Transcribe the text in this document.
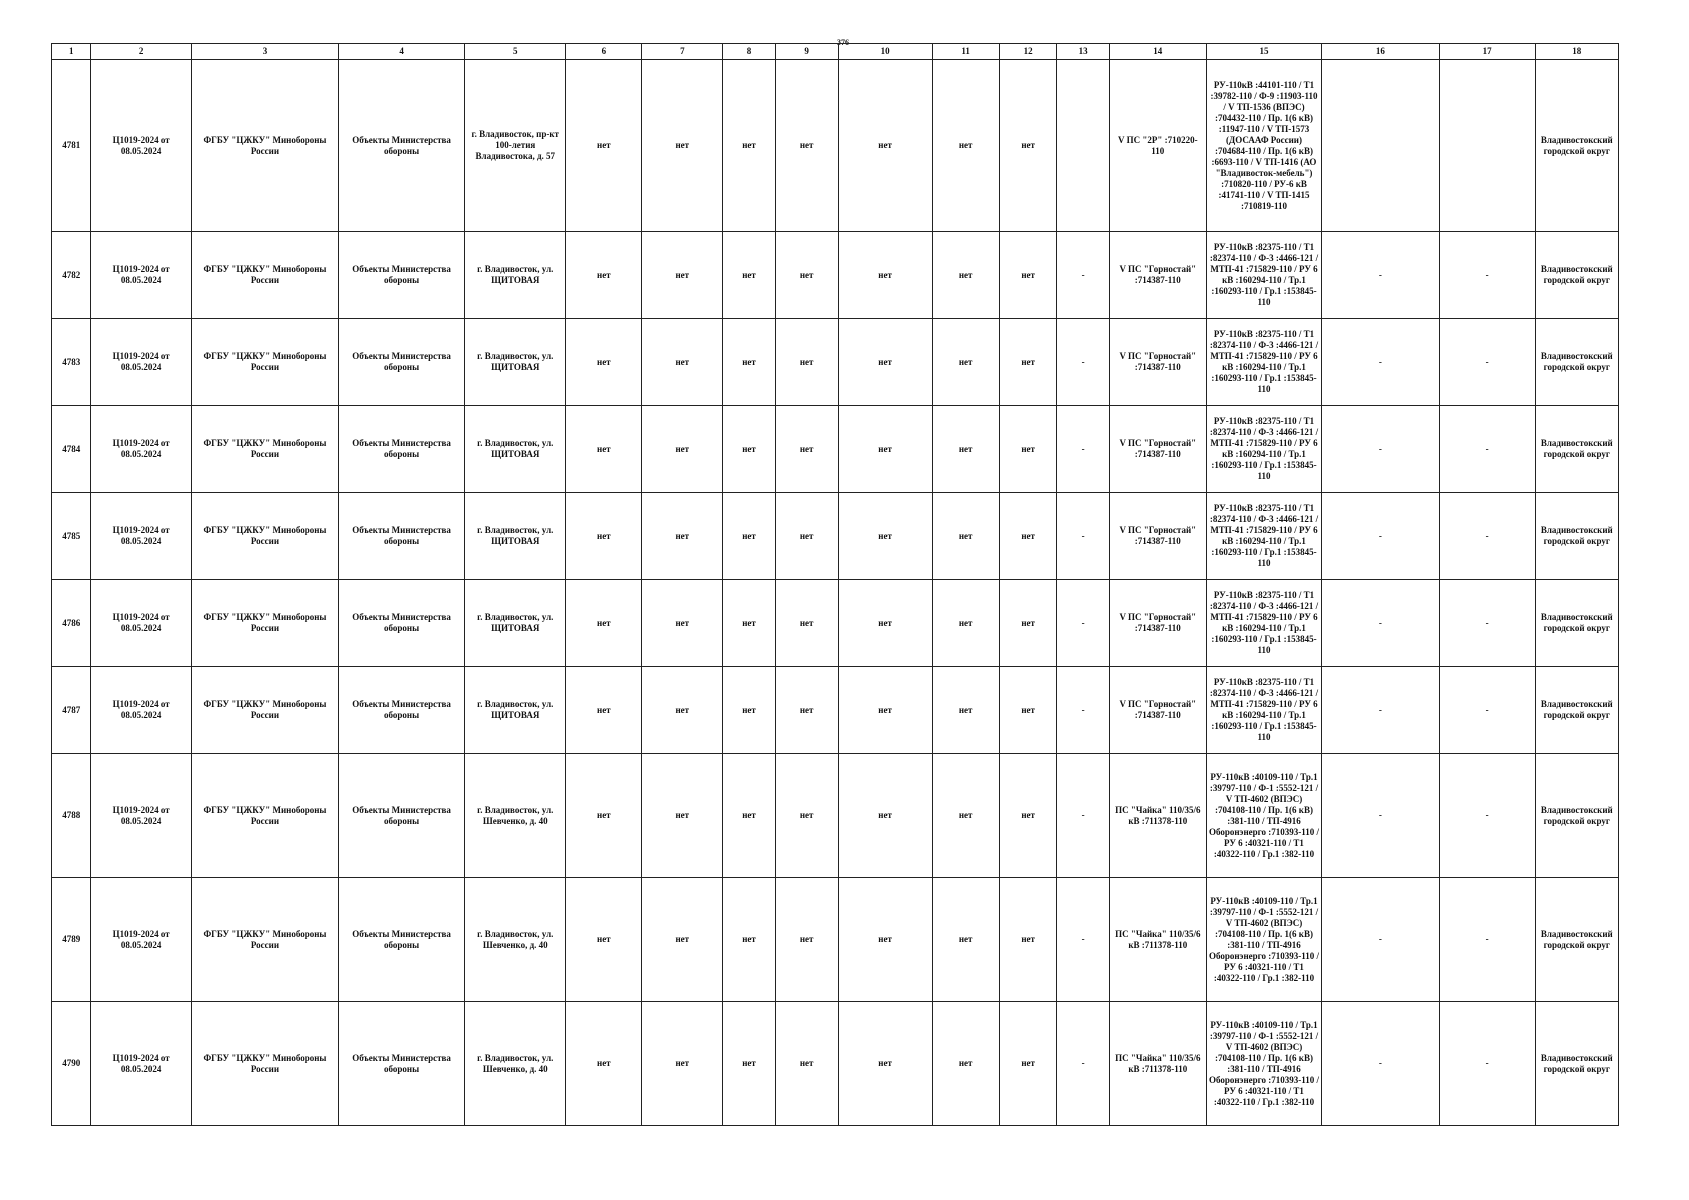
376
1	2	3	4	5	6	7	8	9	10	11	12	13	14	15	16	17	18
4781	Ц1019-2024 от 08.05.2024	ФГБУ "ЦЖКУ" Минобороны России	Объекты Министерства обороны	г. Владивосток, пр-кт 100-летия Владивостока, д. 57	нет	нет	нет	нет	нет	нет	нет		V ПС "2Р" :710220-110	РУ-110кВ :44101-110 / Т1 :39782-110 / Ф-9 :11903-110 / V ТП-1536 (ВПЭС) :704432-110 / Пр. 1(6 кВ) :11947-110 / V ТП-1573 (ДОСААФ России) :704684-110 / Пр. 1(6 кВ) :6693-110 / V ТП-1416 (АО "Владивосток-мебель") :710820-110 / РУ-6 кВ :41741-110 / V ТП-1415 :710819-110			Владивостокский городской округ
4782	Ц1019-2024 от 08.05.2024	ФГБУ "ЦЖКУ" Минобороны России	Объекты Министерства обороны	г. Владивосток, ул. ЩИТОВАЯ	нет	нет	нет	нет	нет	нет	нет	-	V ПС "Горностай" :714387-110	РУ-110кВ :82375-110 / Т1 :82374-110 / Ф-3 :4466-121 / МТП-41 :715829-110 / РУ 6 кВ :160294-110 / Тр.1 :160293-110 / Гр.1 :153845-110	-	-	Владивостокский городской округ
4783	Ц1019-2024 от 08.05.2024	ФГБУ "ЦЖКУ" Минобороны России	Объекты Министерства обороны	г. Владивосток, ул. ЩИТОВАЯ	нет	нет	нет	нет	нет	нет	нет	-	V ПС "Горностай" :714387-110	РУ-110кВ :82375-110 / Т1 :82374-110 / Ф-3 :4466-121 / МТП-41 :715829-110 / РУ 6 кВ :160294-110 / Тр.1 :160293-110 / Гр.1 :153845-110	-	-	Владивостокский городской округ
4784	Ц1019-2024 от 08.05.2024	ФГБУ "ЦЖКУ" Минобороны России	Объекты Министерства обороны	г. Владивосток, ул. ЩИТОВАЯ	нет	нет	нет	нет	нет	нет	нет	-	V ПС "Горностай" :714387-110	РУ-110кВ :82375-110 / Т1 :82374-110 / Ф-3 :4466-121 / МТП-41 :715829-110 / РУ 6 кВ :160294-110 / Тр.1 :160293-110 / Гр.1 :153845-110	-	-	Владивостокский городской округ
4785	Ц1019-2024 от 08.05.2024	ФГБУ "ЦЖКУ" Минобороны России	Объекты Министерства обороны	г. Владивосток, ул. ЩИТОВАЯ	нет	нет	нет	нет	нет	нет	нет	-	V ПС "Горностай" :714387-110	РУ-110кВ :82375-110 / Т1 :82374-110 / Ф-3 :4466-121 / МТП-41 :715829-110 / РУ 6 кВ :160294-110 / Тр.1 :160293-110 / Гр.1 :153845-110	-	-	Владивостокский городской округ
4786	Ц1019-2024 от 08.05.2024	ФГБУ "ЦЖКУ" Минобороны России	Объекты Министерства обороны	г. Владивосток, ул. ЩИТОВАЯ	нет	нет	нет	нет	нет	нет	нет	-	V ПС "Горностай" :714387-110	РУ-110кВ :82375-110 / Т1 :82374-110 / Ф-3 :4466-121 / МТП-41 :715829-110 / РУ 6 кВ :160294-110 / Тр.1 :160293-110 / Гр.1 :153845-110	-	-	Владивостокский городской округ
4787	Ц1019-2024 от 08.05.2024	ФГБУ "ЦЖКУ" Минобороны России	Объекты Министерства обороны	г. Владивосток, ул. ЩИТОВАЯ	нет	нет	нет	нет	нет	нет	нет	-	V ПС "Горностай" :714387-110	РУ-110кВ :82375-110 / Т1 :82374-110 / Ф-3 :4466-121 / МТП-41 :715829-110 / РУ 6 кВ :160294-110 / Тр.1 :160293-110 / Гр.1 :153845-110	-	-	Владивостокский городской округ
4788	Ц1019-2024 от 08.05.2024	ФГБУ "ЦЖКУ" Минобороны России	Объекты Министерства обороны	г. Владивосток, ул. Шевченко, д. 40	нет	нет	нет	нет	нет	нет	нет	-	ПС "Чайка" 110/35/6 кВ :711378-110	РУ-110кВ :40109-110 / Тр.1 :39797-110 / Ф-1 :5552-121 / V ТП-4602 (ВПЭС) :704108-110 / Пр. 1(6 кВ) :381-110 / ТП-4916 Оборонэнерго :710393-110 / РУ 6 :40321-110 / Т1 :40322-110 / Гр.1 :382-110	-	-	Владивостокский городской округ
4789	Ц1019-2024 от 08.05.2024	ФГБУ "ЦЖКУ" Минобороны России	Объекты Министерства обороны	г. Владивосток, ул. Шевченко, д. 40	нет	нет	нет	нет	нет	нет	нет	-	ПС "Чайка" 110/35/6 кВ :711378-110	РУ-110кВ :40109-110 / Тр.1 :39797-110 / Ф-1 :5552-121 / V ТП-4602 (ВПЭС) :704108-110 / Пр. 1(6 кВ) :381-110 / ТП-4916 Оборонэнерго :710393-110 / РУ 6 :40321-110 / Т1 :40322-110 / Гр.1 :382-110	-	-	Владивостокский городской округ
4790	Ц1019-2024 от 08.05.2024	ФГБУ "ЦЖКУ" Минобороны России	Объекты Министерства обороны	г. Владивосток, ул. Шевченко, д. 40	нет	нет	нет	нет	нет	нет	нет	-	ПС "Чайка" 110/35/6 кВ :711378-110	РУ-110кВ :40109-110 / Тр.1 :39797-110 / Ф-1 :5552-121 / V ТП-4602 (ВПЭС) :704108-110 / Пр. 1(6 кВ) :381-110 / ТП-4916 Оборонэнерго :710393-110 / РУ 6 :40321-110 / Т1 :40322-110 / Гр.1 :382-110	-	-	Владивостокский городской округ
